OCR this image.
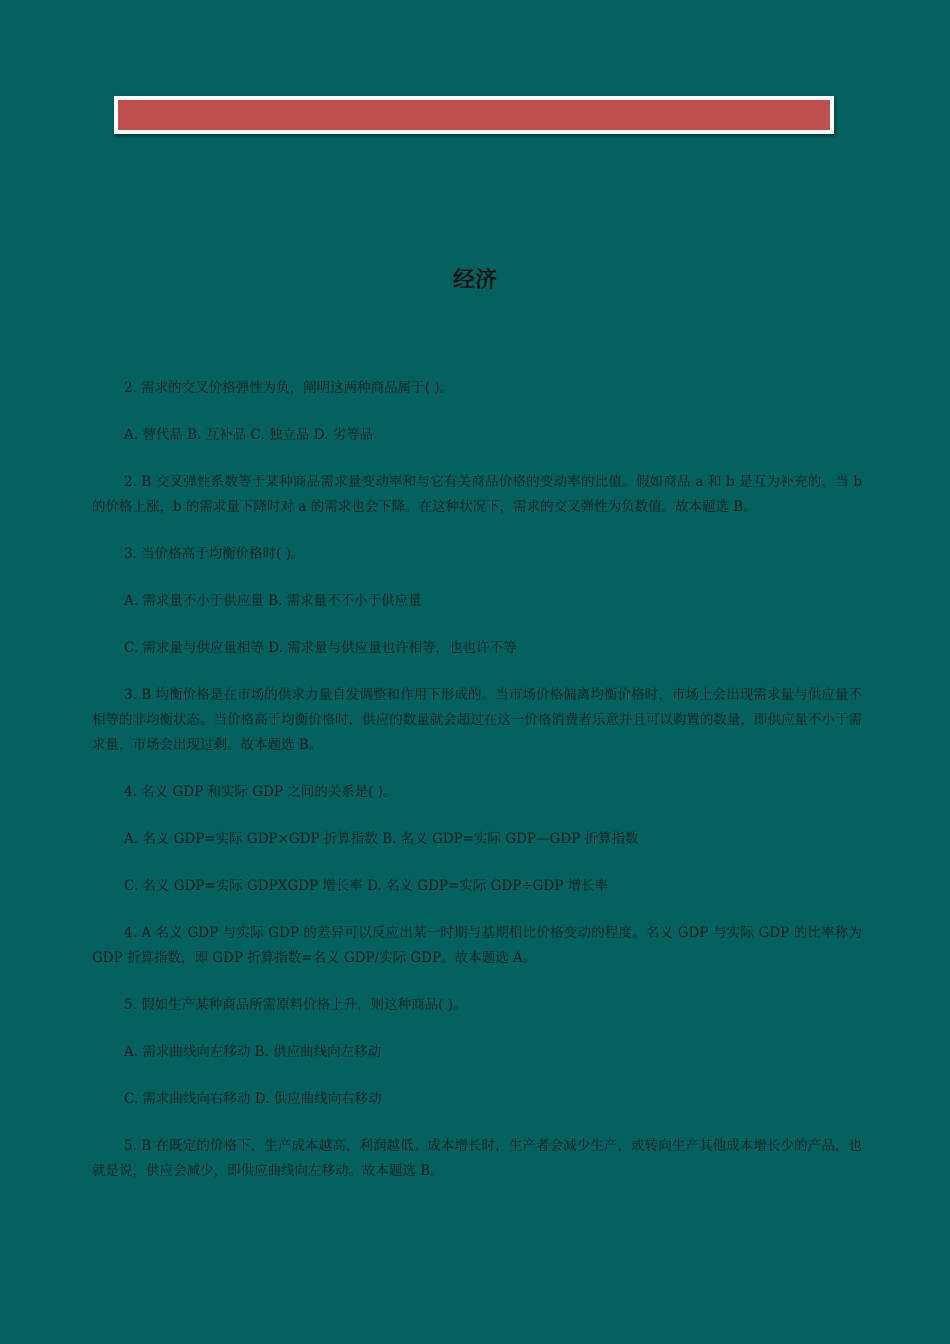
经济

2. 需求的交叉价格弹性为负，阐明这两种商品属于( )。

A. 替代品 B. 互补品 C. 独立品 D. 劣等品

2. B 交叉弹性系数等于某种商品需求量变动率和与它有关商品价格的变动率的比值。假如商品 a 和 b 是互为补充的，当 b 的价格上涨，b 的需求量下降时对 a 的需求也会下降。在这种状况下，需求的交叉弹性为负数值。故本题选 B。

3. 当价格高于均衡价格时( )。

A. 需求量不小于供应量 B. 需求量不不小于供应量

C. 需求量与供应量相等 D. 需求量与供应量也许相等，也也许不等

3. B 均衡价格是在市场的供求力量自发调整和作用下形成的。当市场价格偏离均衡价格时，市场上会出现需求量与供应量不相等的非均衡状态。当价格高于均衡价格时，供应的数量就会超过在这一价格消费者乐意并且可以购置的数量，即供应量不小于需求量，市场会出现过剩。故本题选 B。

4. 名义 GDP 和实际 GDP 之间的关系是( )。

A. 名义 GDP=实际 GDP×GDP 折算指数 B. 名义 GDP=实际 GDP—GDP 折算指数

C. 名义 GDP=实际 GDPXGDP 增长率 D. 名义 GDP=实际 GDP÷GDP 增长率

4. A 名义 GDP 与实际 GDP 的差异可以反应出某一时期与基期相比价格变动的程度。名义 GDP 与实际 GDP 的比率称为 GDP 折算指数，即 GDP 折算指数=名义 GDP/实际 GDP。故本题选 A。

5. 假如生产某种商品所需原料价格上升，则这种商品( )。

A. 需求曲线向左移动 B. 供应曲线向左移动

C. 需求曲线向右移动 D. 供应曲线向右移动

5. B 在既定的价格下，生产成本越高，利润越低。成本增长时，生产者会减少生产，或转向生产其他成本增长少的产品，也就是说，供应会减少，即供应曲线向左移动。故本题选 B。
